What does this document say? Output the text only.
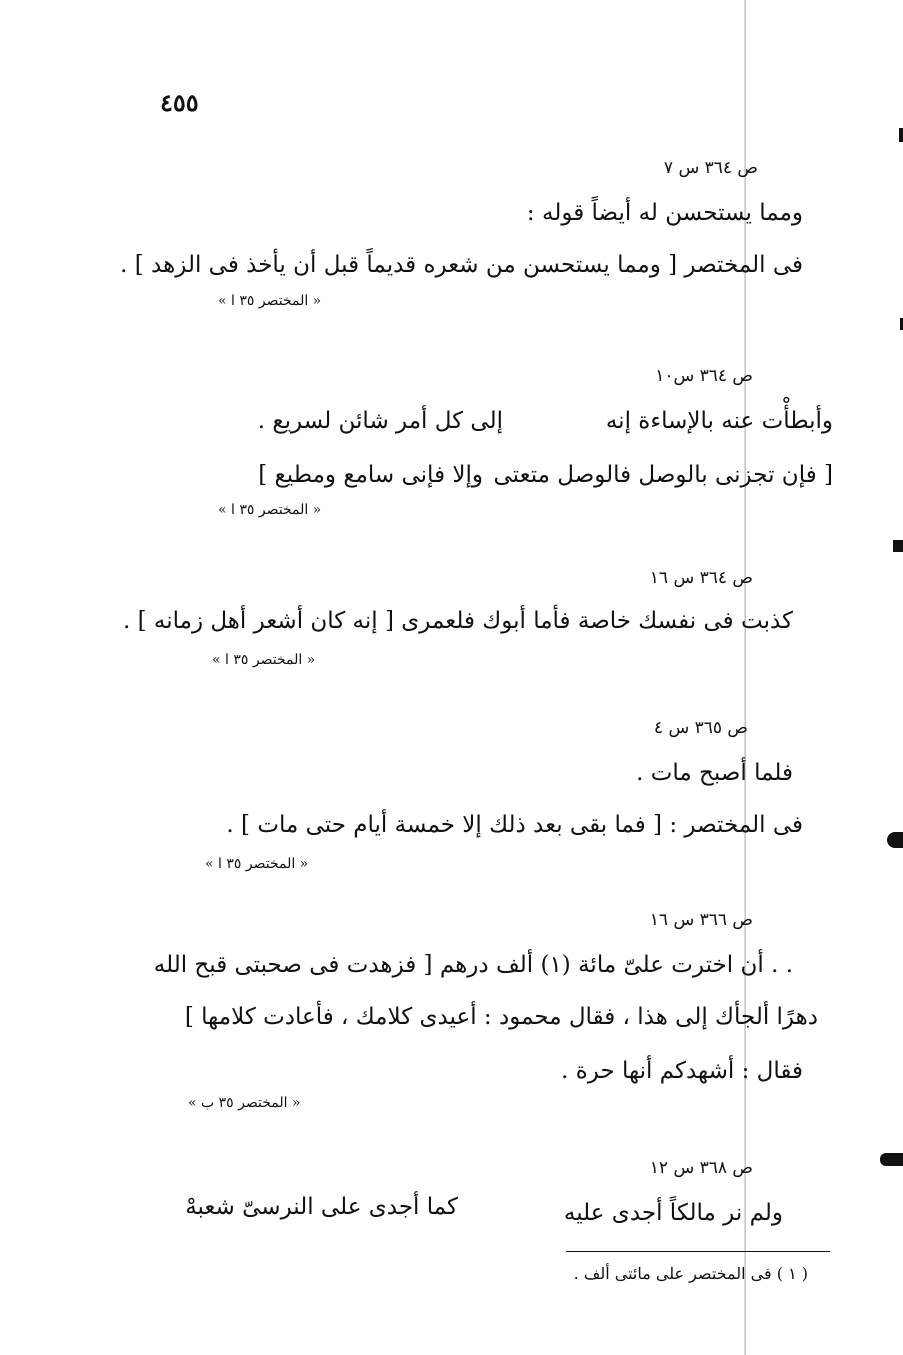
٤٥٥
ص ٣٦٤ س ٧
ومما يستحسن له أيضاً قوله :
فى المختصر [ ومما يستحسن من شعره قديماً قبل أن يأخذ فى الزهد ] .
« المختصر ٣٥ ا »
ص ٣٦٤ س١٠
وأبطأْت عنه بالإساءة إنه
إلى كل أمر شائن لسريع .
[ فإن تجزنى بالوصل فالوصل متعتى
وإلا فإنى سامع ومطيع ]
« المختصر ٣٥ ا »
ص ٣٦٤ س ١٦
كذبت فى نفسك خاصة فأما أبوك فلعمرى [ إنه كان أشعر أهل زمانه ] .
« المختصر ٣٥ ا »
ص ٣٦٥ س ٤
فلما أصبح مات .
فى المختصر : [ فما بقى بعد ذلك إلا خمسة أيام حتى مات ] .
« المختصر ٣٥ ا »
ص ٣٦٦ س ١٦
. . أن اخترت علىّ مائة (١) ألف درهم [ فزهدت فى صحبتى قبح الله
دهرًا ألجأك إلى هذا ، فقال محمود : أعيدى كلامك ، فأعادت كلامها ]
فقال : أشهدكم أنها حرة .
« المختصر ٣٥ ب »
ص ٣٦٨ س ١٢
ولم نر مالكاً أجدى عليه
كما أجدى على النرسىّ شعبهْ
( ١ ) فى المختصر على مائتى ألف .
